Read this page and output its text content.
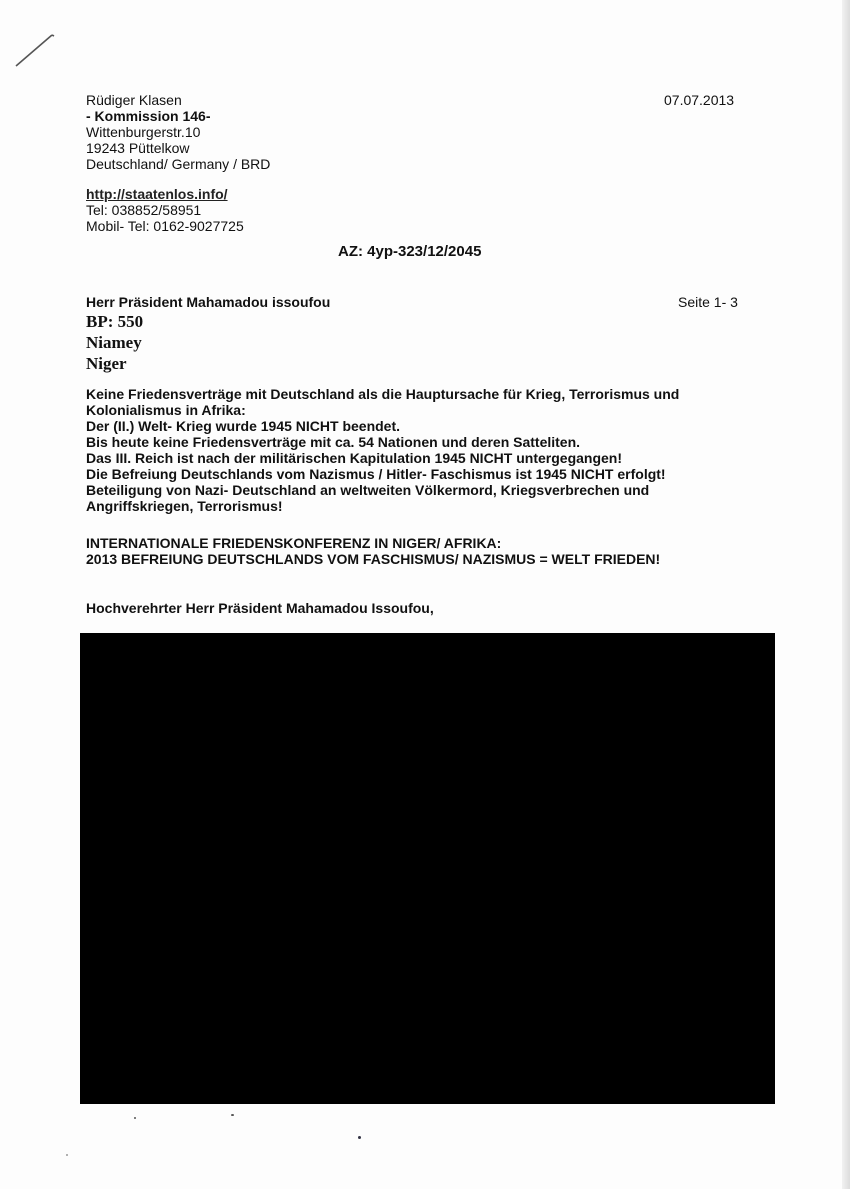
Rüdiger Klasen
- Kommission 146-
Wittenburgerstr.10
19243 Püttelkow
Deutschland/ Germany / BRD
http://staatenlos.info/
Tel: 038852/58951
Mobil- Tel: 0162-9027725
07.07.2013
AZ: 4yp-323/12/2045
Herr Präsident Mahamadou issoufou	Seite 1- 3
BP: 550
Niamey
Niger
Keine Friedensverträge mit Deutschland als die Hauptursache für Krieg, Terrorismus und
Kolonialismus in Afrika:
Der (II.) Welt- Krieg wurde 1945 NICHT beendet.
Bis heute keine Friedensverträge mit ca. 54 Nationen und deren Satteliten.
Das III. Reich ist nach der militärischen Kapitulation 1945 NICHT untergegangen!
Die Befreiung Deutschlands vom Nazismus / Hitler- Faschismus ist 1945 NICHT erfolgt!
Beteiligung von Nazi- Deutschland an weltweiten Völkermord, Kriegsverbrechen und
Angriffskriegen, Terrorismus!
INTERNATIONALE FRIEDENSKONFERENZ IN NIGER/ AFRIKA:
2013 BEFREIUNG DEUTSCHLANDS VOM FASCHISMUS/ NAZISMUS = WELT FRIEDEN!
Hochverehrter Herr Präsident Mahamadou Issoufou,
